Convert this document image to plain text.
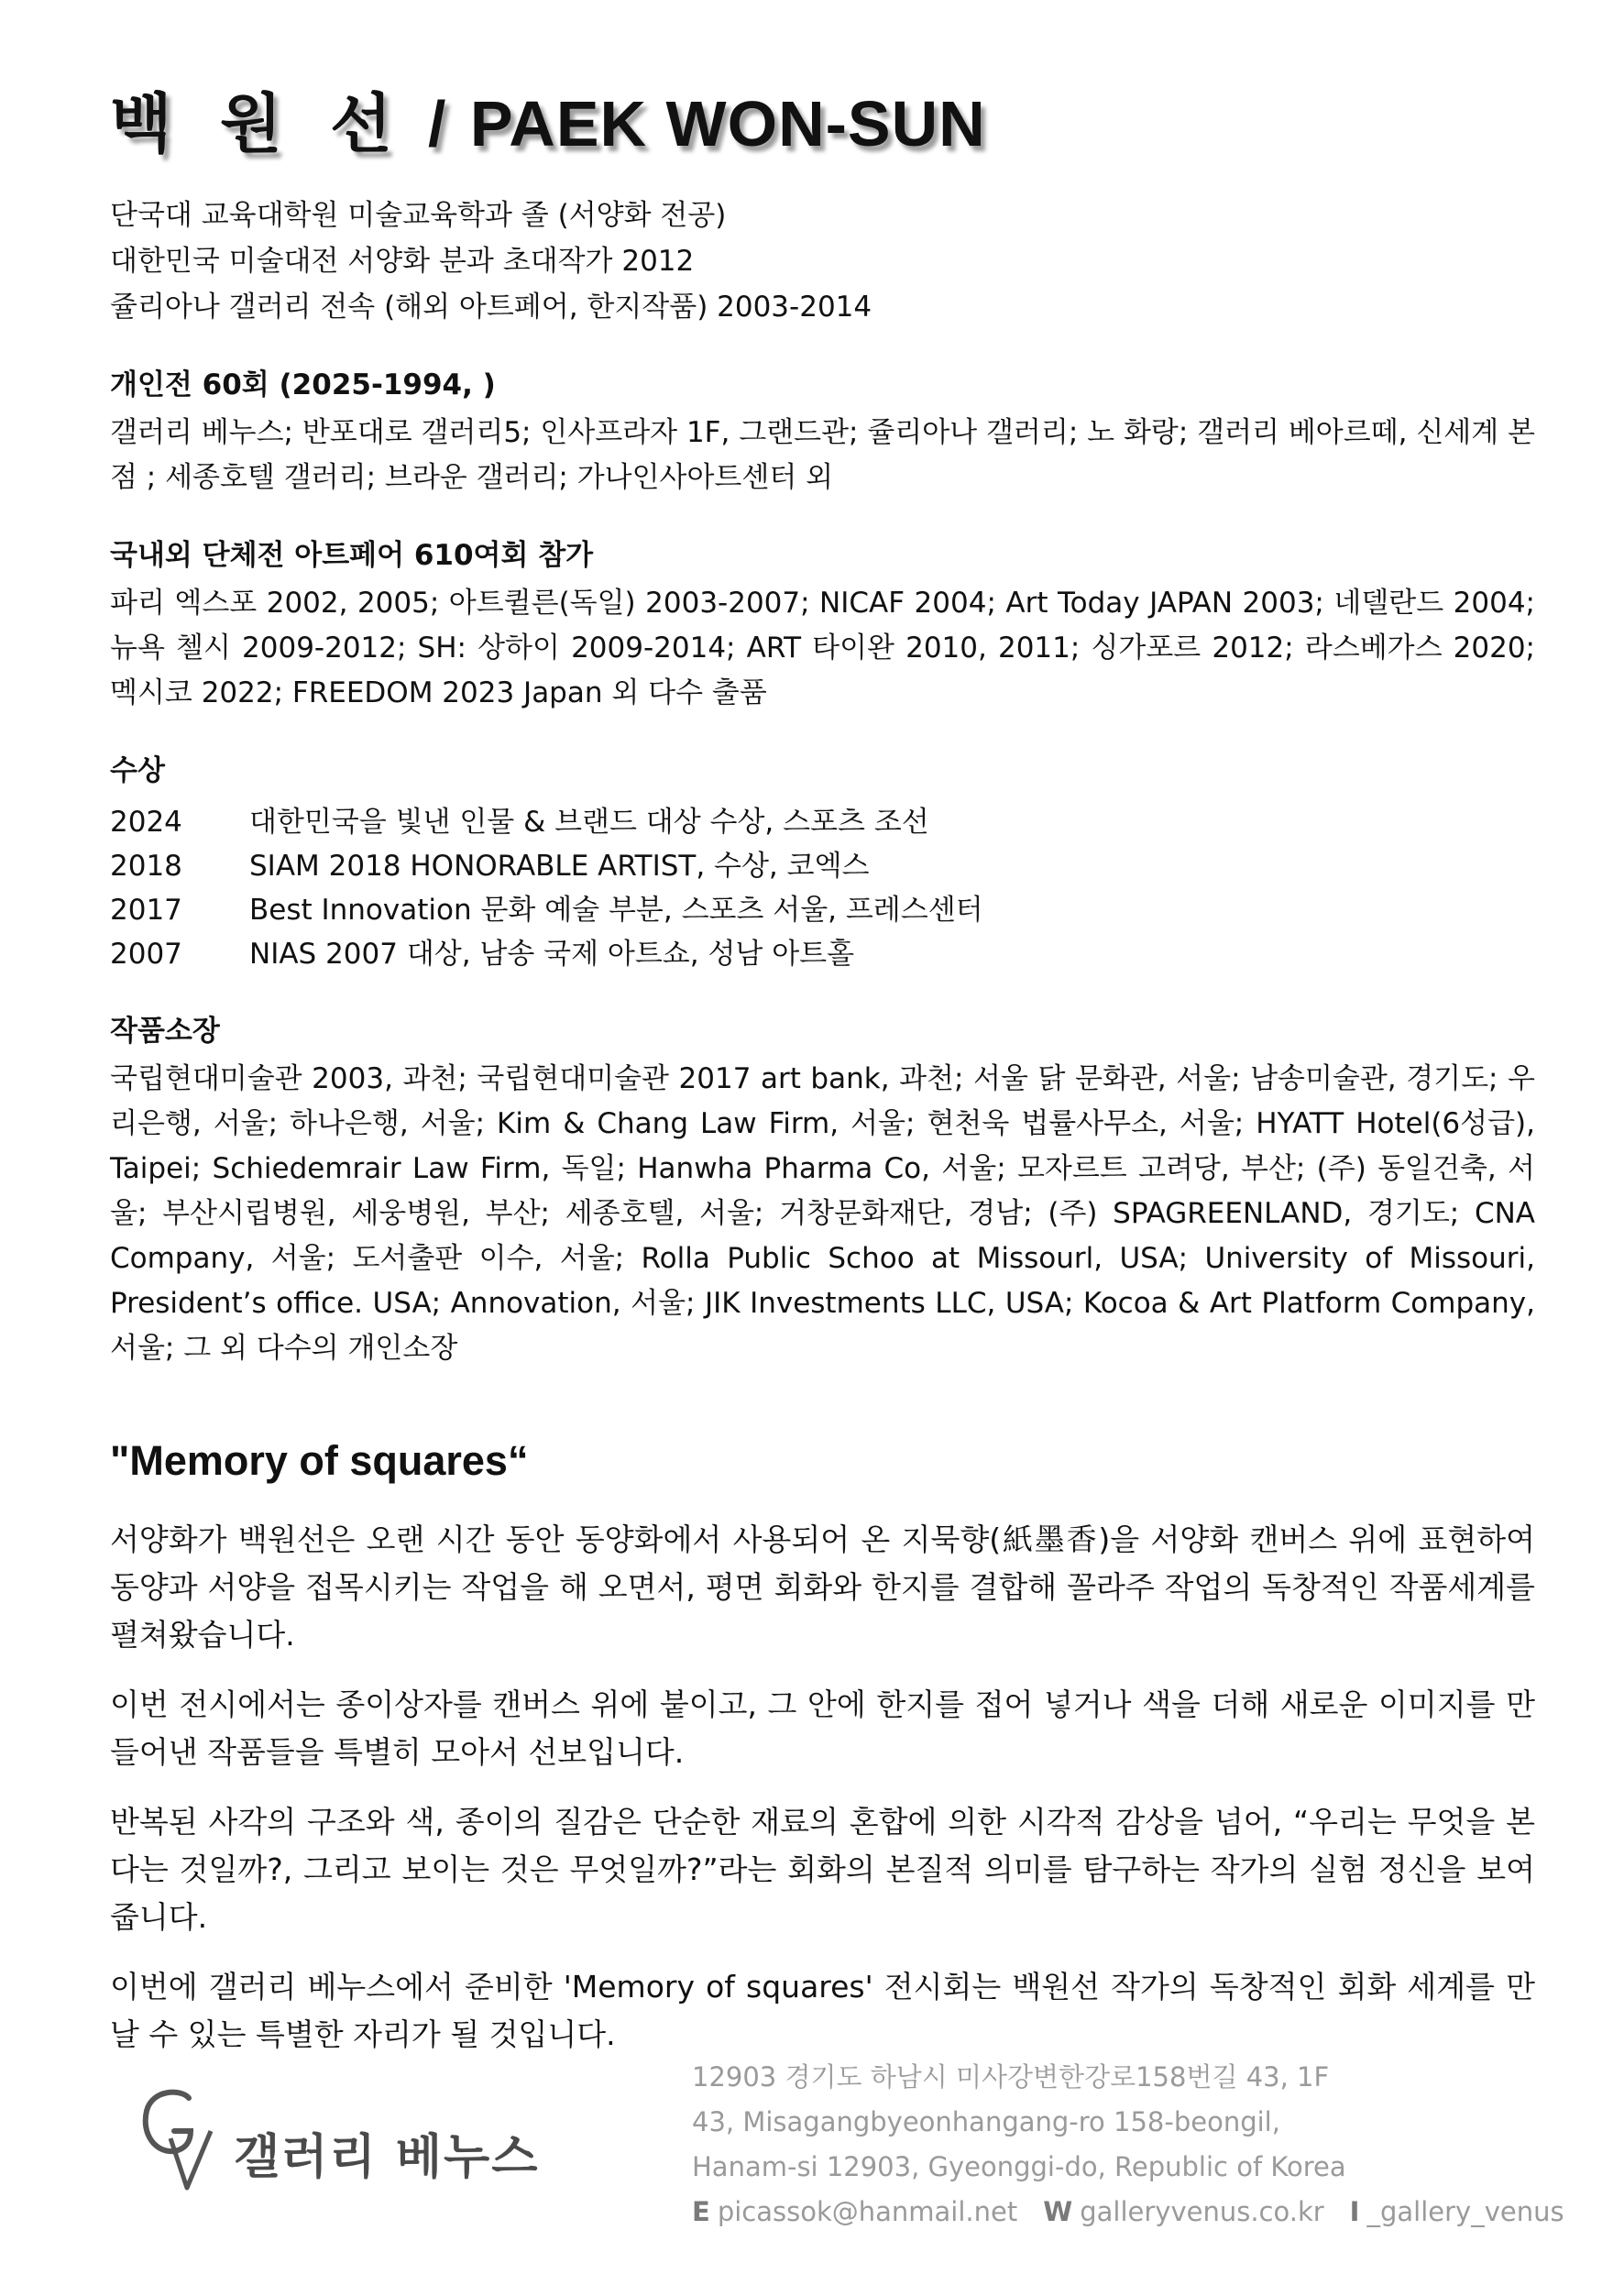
백 원 선 / PAEK WON-SUN
단국대 교육대학원 미술교육학과 졸 (서양화 전공)
대한민국 미술대전 서양화 분과 초대작가 2012
쥴리아나 갤러리 전속 (해외 아트페어, 한지작품) 2003-2014
개인전 60회 (2025-1994, )

갤러리 베누스; 반포대로 갤러리5; 인사프라자 1F, 그랜드관; 쥴리아나 갤러리; 노 화랑; 갤러리 베아르떼, 신세계 본점 ; 세종호텔 갤러리; 브라운 갤러리; 가나인사아트센터 외

국내외 단체전 아트페어 610여회 참가

파리 엑스포 2002, 2005; 아트퀼른(독일) 2003-2007; NICAF 2004; Art Today JAPAN 2003; 네델란드 2004; 뉴욕 첼시 2009-2012; SH: 상하이 2009-2014; ART 타이완 2010, 2011; 싱가포르 2012; 라스베가스 2020; 멕시코 2022; FREEDOM 2023 Japan 외 다수 출품

수상
2024	대한민국을 빛낸 인물 & 브랜드 대상 수상, 스포츠 조선
2018	SIAM 2018 HONORABLE ARTIST, 수상, 코엑스
2017	Best Innovation 문화 예술 부분, 스포츠 서울, 프레스센터
2007	NIAS 2007 대상, 남송 국제 아트쇼, 성남 아트홀
작품소장

국립현대미술관 2003, 과천; 국립현대미술관 2017 art bank, 과천; 서울 닭 문화관, 서울; 남송미술관, 경기도; 우리은행, 서울; 하나은행, 서울; Kim & Chang Law Firm, 서울; 현천욱 법률사무소, 서울; HYATT Hotel(6성급), Taipei; Schiedemrair Law Firm, 독일; Hanwha Pharma Co, 서울; 모자르트 고려당, 부산; (주) 동일건축, 서울; 부산시립병원, 세웅병원, 부산; 세종호텔, 서울; 거창문화재단, 경남; (주) SPAGREENLAND, 경기도; CNA Company, 서울; 도서출판 이수, 서울; Rolla Public Schoo at Missourl, USA; University of Missouri, President’s office. USA; Annovation, 서울; JIK Investments LLC, USA; Kocoa & Art Platform Company, 서울; 그 외 다수의 개인소장

"Memory of squares“

서양화가 백원선은 오랜 시간 동안 동양화에서 사용되어 온 지묵향(紙墨香)을 서양화 캔버스 위에 표현하여 동양과 서양을 접목시키는 작업을 해 오면서, 평면 회화와 한지를 결합해 꼴라주 작업의 독창적인 작품세계를 펼쳐왔습니다.

이번 전시에서는 종이상자를 캔버스 위에 붙이고, 그 안에 한지를 접어 넣거나 색을 더해 새로운 이미지를 만들어낸 작품들을 특별히 모아서 선보입니다.

반복된 사각의 구조와 색, 종이의 질감은 단순한 재료의 혼합에 의한 시각적 감상을 넘어, “우리는 무엇을 본다는 것일까?, 그리고 보이는 것은 무엇일까?”라는 회화의 본질적 의미를 탐구하는 작가의 실험 정신을 보여줍니다.

이번에 갤러리 베누스에서 준비한 'Memory of squares' 전시회는 백원선 작가의 독창적인 회화 세계를 만날 수 있는 특별한 자리가 될 것입니다.

갤러리 베누스
12903 경기도 하남시 미사강변한강로158번길 43, 1F
43, Misagangbyeonhangang-ro 158-beongil,
Hanam-si 12903, Gyeonggi-do, Republic of Korea
E picassok@hanmail.net W galleryvenus.co.kr I _gallery_venus
